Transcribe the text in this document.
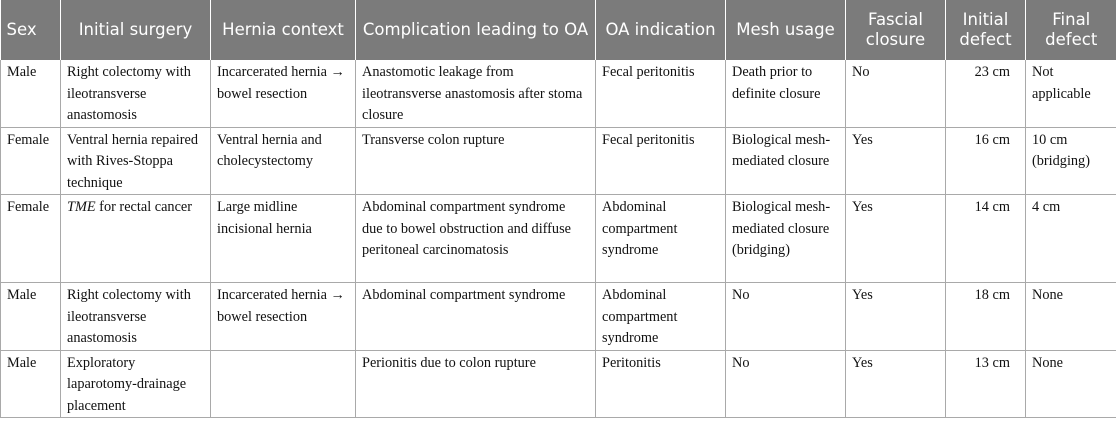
Sex	Initial surgery	Hernia context	Complication leading to OA	OA indication	Mesh usage	Fascial closure	Initial defect	Final defect
Male	Right colectomy with ileotransverse anastomosis	Incarcerated hernia → bowel resection	Anastomotic leakage from ileotransverse anastomosis after stoma closure	Fecal peritonitis	Death prior to definite closure	No	23 cm	Not applicable
Female	Ventral hernia repaired with Rives-Stoppa technique	Ventral hernia and cholecystectomy	Transverse colon rupture	Fecal peritonitis	Biological mesh-mediated closure	Yes	16 cm	10 cm (bridging)
Female	TME for rectal cancer	Large midline incisional hernia	Abdominal compartment syndrome due to bowel obstruction and diffuse peritoneal carcinomatosis	Abdominal compartment syndrome	Biological mesh-mediated closure (bridging)	Yes	14 cm	4 cm
Male	Right colectomy with ileotransverse anastomosis	Incarcerated hernia → bowel resection	Abdominal compartment syndrome	Abdominal compartment syndrome	No	Yes	18 cm	None
Male	Exploratory laparotomy-drainage placement		Perionitis due to colon rupture	Peritonitis	No	Yes	13 cm	None
